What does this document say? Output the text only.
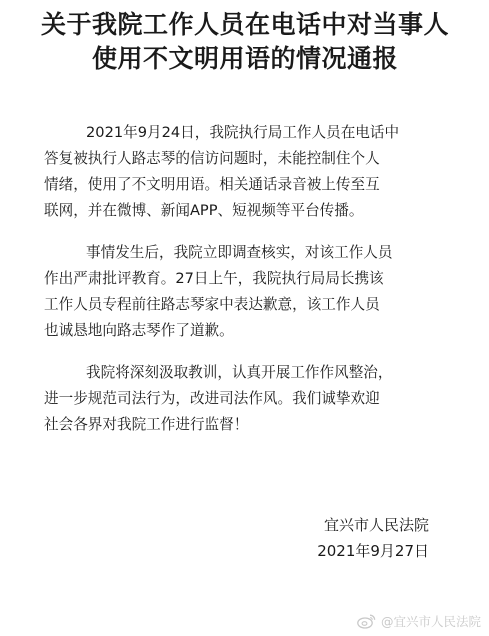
关于我院工作人员在电话中对当事人
使用不文明用语的情况通报
2021年9月24日，我院执行局工作人员在电话中
答复被执行人路志琴的信访问题时，未能控制住个人
情绪，使用了不文明用语。相关通话录音被上传至互
联网，并在微博、新闻APP、短视频等平台传播。
事情发生后，我院立即调查核实，对该工作人员
作出严肃批评教育。27日上午，我院执行局局长携该
工作人员专程前往路志琴家中表达歉意，该工作人员
也诚恳地向路志琴作了道歉。
我院将深刻汲取教训，认真开展工作作风整治，
进一步规范司法行为，改进司法作风。我们诚挚欢迎
社会各界对我院工作进行监督！
宜兴市人民法院
2021年9月27日
@宜兴市人民法院
